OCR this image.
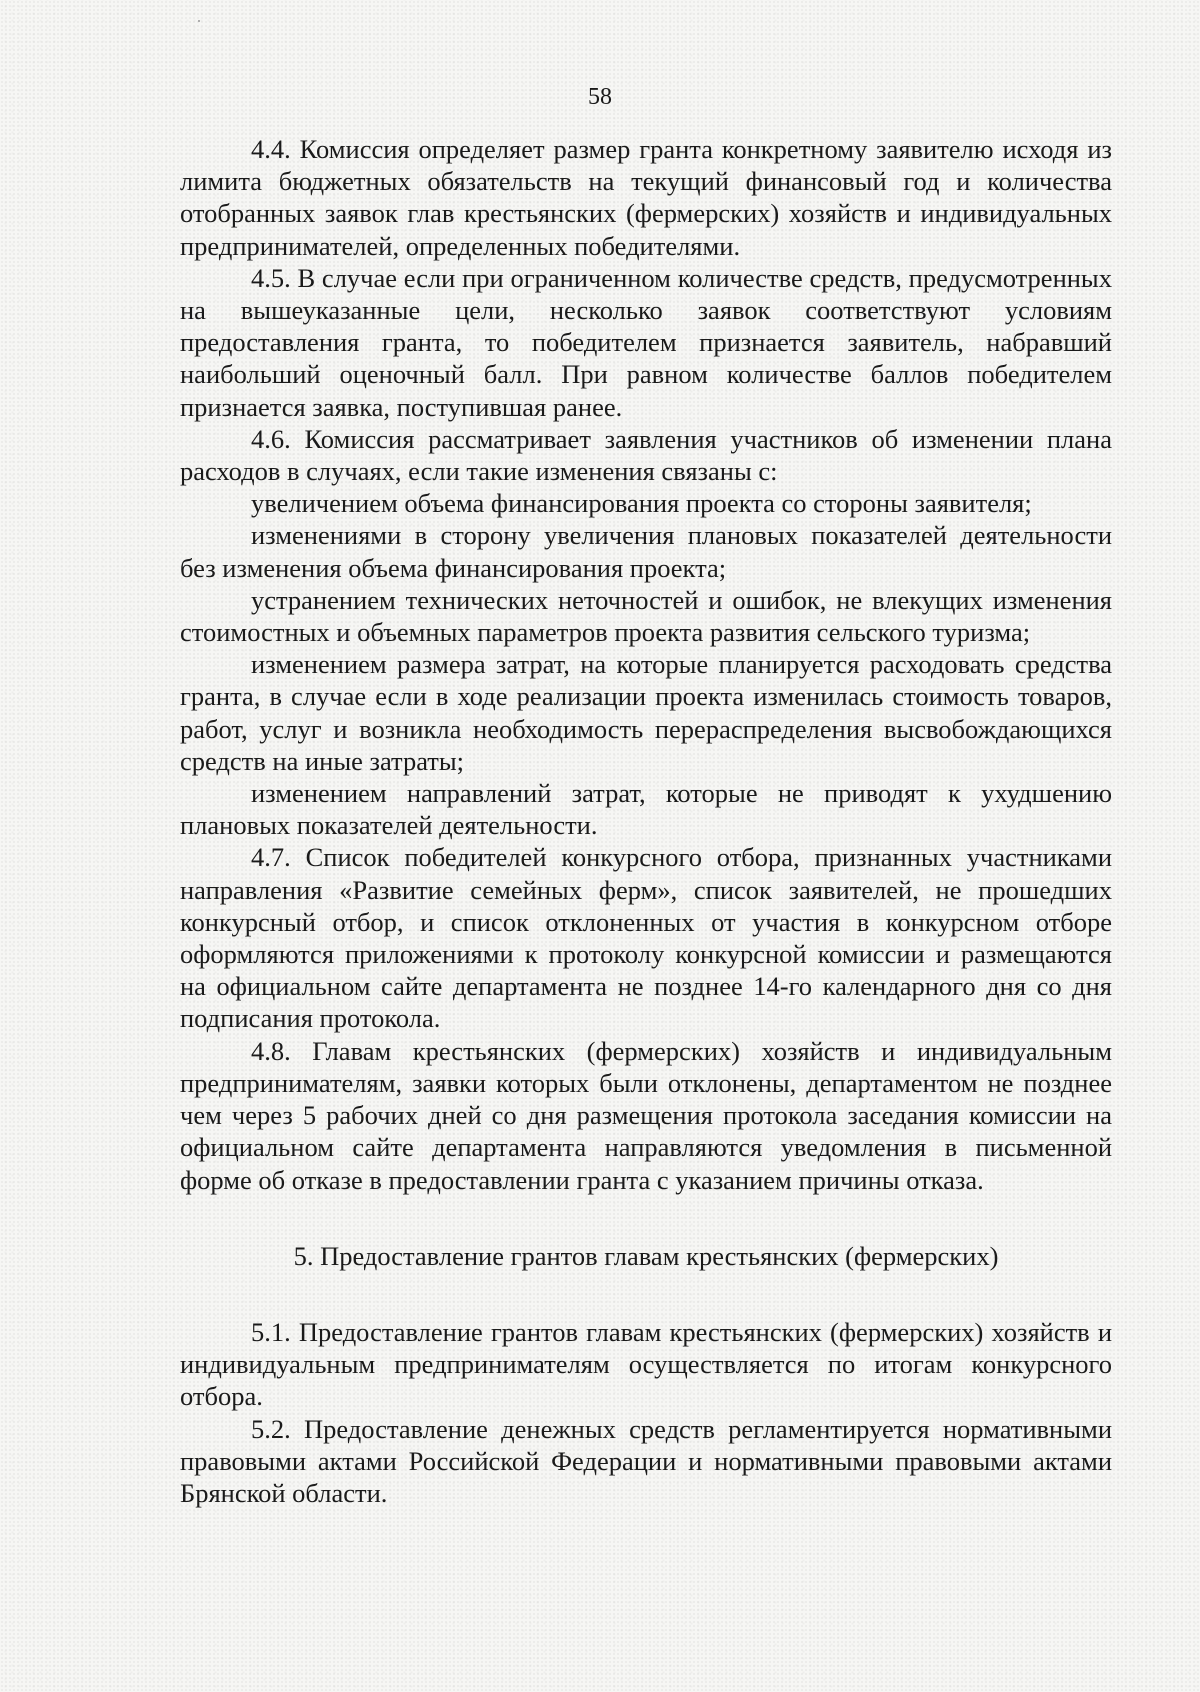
58

4.4. Комиссия определяет размер гранта конкретному заявителю исходя из лимита бюджетных обязательств на текущий финансовый год и количества отобранных заявок глав крестьянских (фермерских) хозяйств и индивидуальных предпринимателей, определенных победителями.

4.5. В случае если при ограниченном количестве средств, предусмотренных на вышеуказанные цели, несколько заявок соответствуют условиям предоставления гранта, то победителем признается заявитель, набравший наибольший оценочный балл. При равном количестве баллов победителем признается заявка, поступившая ранее.

4.6. Комиссия рассматривает заявления участников об изменении плана расходов в случаях, если такие изменения связаны с:

увеличением объема финансирования проекта со стороны заявителя;

изменениями в сторону увеличения плановых показателей деятельности без изменения объема финансирования проекта;

устранением технических неточностей и ошибок, не влекущих изменения стоимостных и объемных параметров проекта развития сельского туризма;

изменением размера затрат, на которые планируется расходовать средства гранта, в случае если в ходе реализации проекта изменилась стоимость товаров, работ, услуг и возникла необходимость перераспределения высвобождающихся средств на иные затраты;

изменением направлений затрат, которые не приводят к ухудшению плановых показателей деятельности.

4.7. Список победителей конкурсного отбора, признанных участниками направления «Развитие семейных ферм», список заявителей, не прошедших конкурсный отбор, и список отклоненных от участия в конкурсном отборе оформляются приложениями к протоколу конкурсной комиссии и размещаются на официальном сайте департамента не позднее 14-го календарного дня со дня подписания протокола.

4.8. Главам крестьянских (фермерских) хозяйств и индивидуальным предпринимателям, заявки которых были отклонены, департаментом не позднее чем через 5 рабочих дней со дня размещения протокола заседания комиссии на официальном сайте департамента направляются уведомления в письменной форме об отказе в предоставлении гранта с указанием причины отказа.

5. Предоставление грантов главам крестьянских (фермерских)

5.1. Предоставление грантов главам крестьянских (фермерских) хозяйств и индивидуальным предпринимателям осуществляется по итогам конкурсного отбора.

5.2. Предоставление денежных средств регламентируется нормативными правовыми актами Российской Федерации и нормативными правовыми актами Брянской области.
